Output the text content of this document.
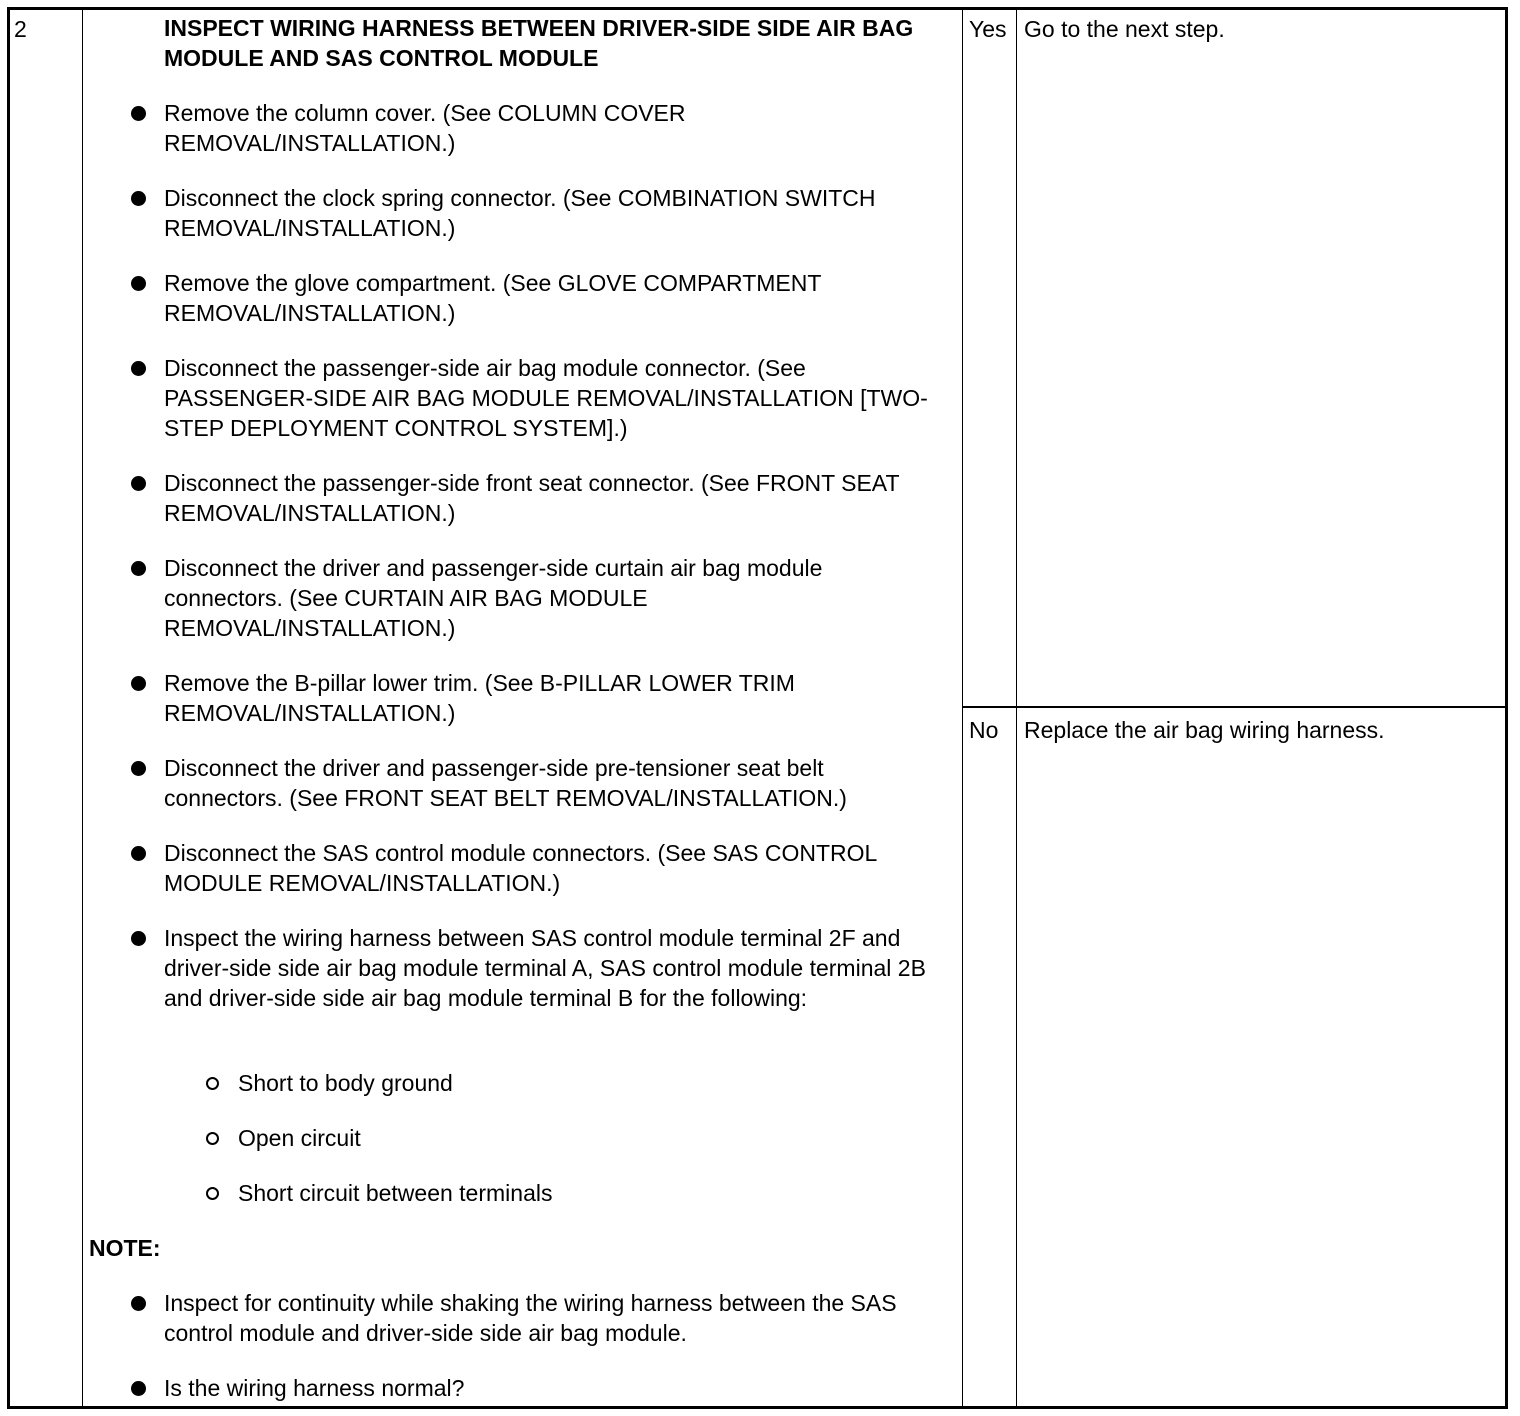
2	INSPECT WIRING HARNESS BETWEEN DRIVER-SIDE SIDE AIR BAG MODULE AND SAS CONTROL MODULE
Remove the column cover. (See COLUMN COVER REMOVAL/INSTALLATION.)
Disconnect the clock spring connector. (See COMBINATION SWITCH REMOVAL/INSTALLATION.)
Remove the glove compartment. (See GLOVE COMPARTMENT REMOVAL/INSTALLATION.)
Disconnect the passenger-side air bag module connector. (See PASSENGER-SIDE AIR BAG MODULE REMOVAL/INSTALLATION [TWO-STEP DEPLOYMENT CONTROL SYSTEM].)
Disconnect the passenger-side front seat connector. (See FRONT SEAT REMOVAL/INSTALLATION.)
Disconnect the driver and passenger-side curtain air bag module connectors. (See CURTAIN AIR BAG MODULE REMOVAL/INSTALLATION.)
Remove the B-pillar lower trim. (See B-PILLAR LOWER TRIM REMOVAL/INSTALLATION.)
Disconnect the driver and passenger-side pre-tensioner seat belt connectors. (See FRONT SEAT BELT REMOVAL/INSTALLATION.)
Disconnect the SAS control module connectors. (See SAS CONTROL MODULE REMOVAL/INSTALLATION.)
Inspect the wiring harness between SAS control module terminal 2F and driver-side side air bag module terminal A, SAS control module terminal 2B and driver-side side air bag module terminal B for the following:
Short to body ground
Open circuit
Short circuit between terminals
NOTE:
Inspect for continuity while shaking the wiring harness between the SAS control module and driver-side side air bag module.
Is the wiring harness normal?
Yes Go to the next step.
No Replace the air bag wiring harness.
